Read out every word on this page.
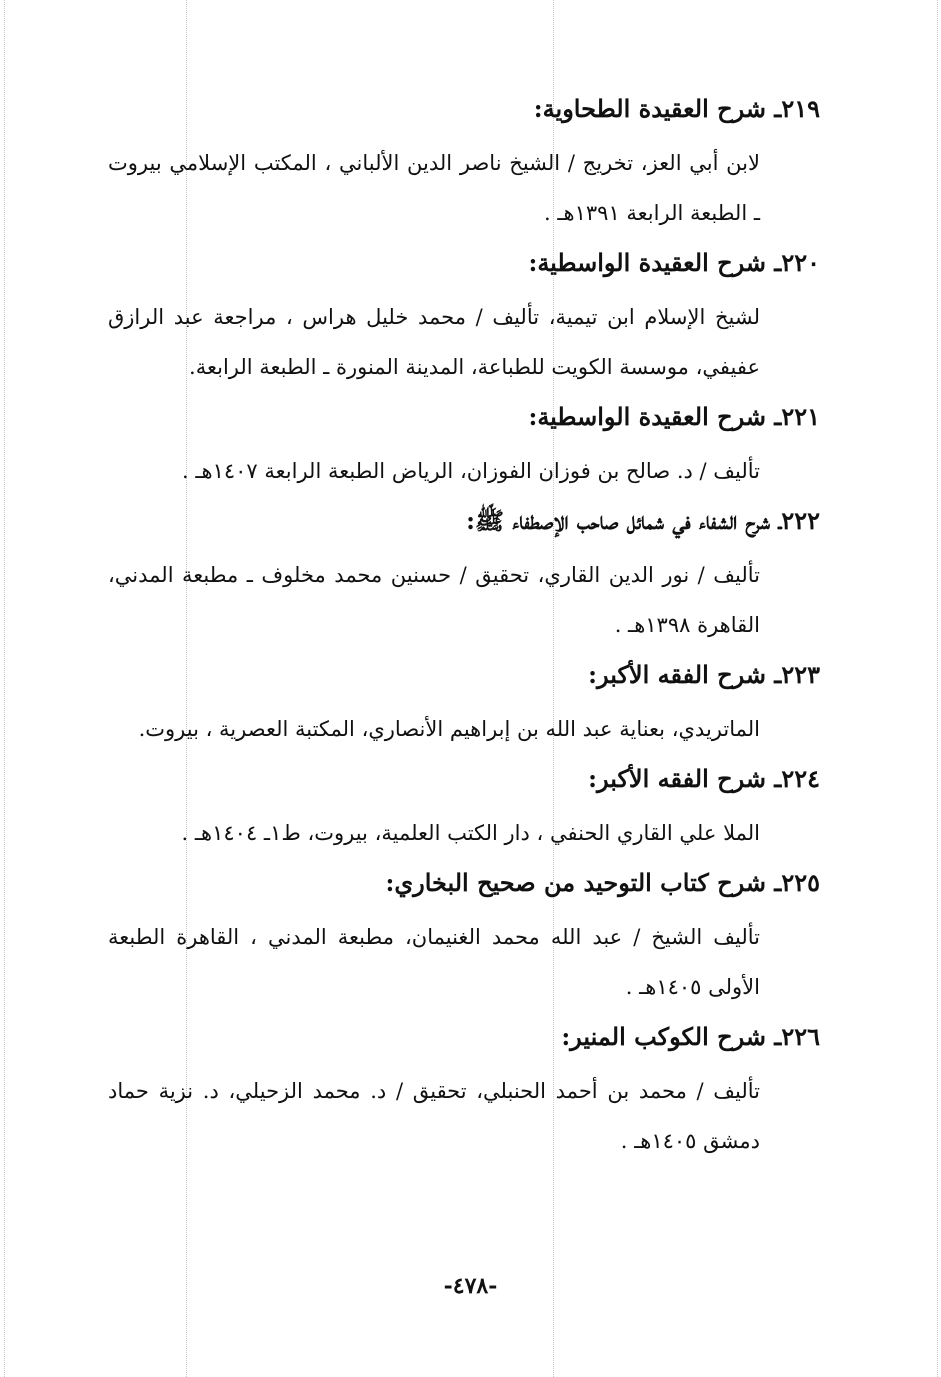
٢١٩ـ شرح العقيدة الطحاوية:
لابن أبي العز، تخريج / الشيخ ناصر الدين الألباني ، المكتب الإسلامي بيروت ـ الطبعة الرابعة ١٣٩١هـ .
٢٢٠ـ شرح العقيدة الواسطية:
لشيخ الإسلام ابن تيمية، تأليف / محمد خليل هراس ، مراجعة عبد الرازق عفيفي، موسسة الكويت للطباعة، المدينة المنورة ـ الطبعة الرابعة.
٢٢١ـ شرح العقيدة الواسطية:
تأليف / د. صالح بن فوزان الفوزان، الرياض الطبعة الرابعة ١٤٠٧هـ .
٢٢٢ـ شرح الشفاء في شمائل صاحب الإصطفاء ﷺ:
تأليف / نور الدين القاري، تحقيق / حسنين محمد مخلوف ـ مطبعة المدني، القاهرة ١٣٩٨هـ .
٢٢٣ـ شرح الفقه الأكبر:
الماتريدي، بعناية عبد الله بن إبراهيم الأنصاري، المكتبة العصرية ، بيروت.
٢٢٤ـ شرح الفقه الأكبر:
الملا علي القاري الحنفي ، دار الكتب العلمية، بيروت، ط١ـ ١٤٠٤هـ .
٢٢٥ـ شرح كتاب التوحيد من صحيح البخاري:
تأليف الشيخ / عبد الله محمد الغنيمان، مطبعة المدني ، القاهرة الطبعة الأولى ١٤٠٥هـ .
٢٢٦ـ شرح الكوكب المنير:
تأليف / محمد بن أحمد الحنبلي، تحقيق / د. محمد الزحيلي، د. نزية حماد دمشق ١٤٠٥هـ .
-٤٧٨-
